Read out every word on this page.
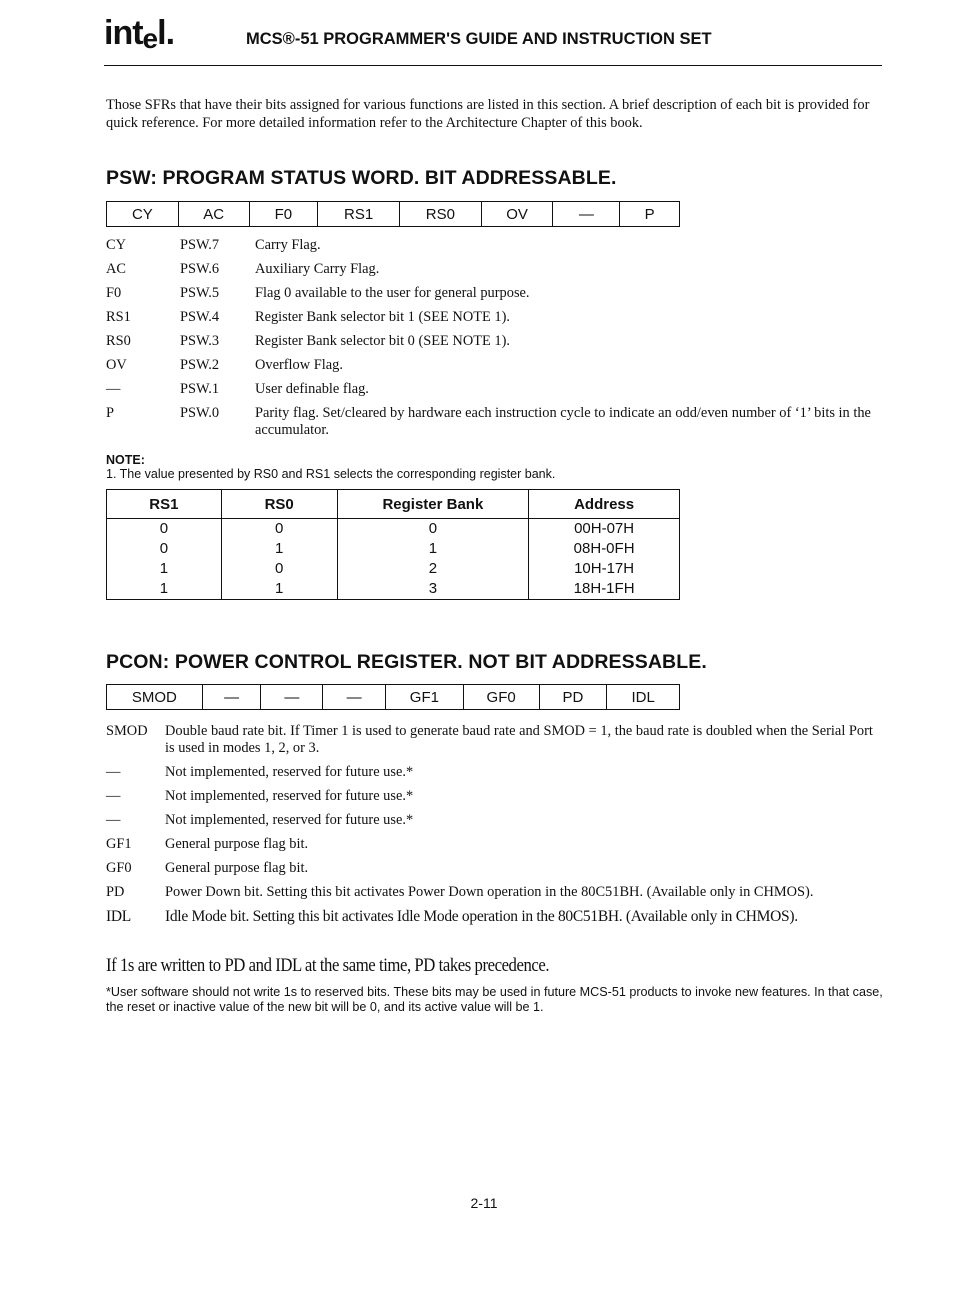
intel.	MCS®-51 PROGRAMMER'S GUIDE AND INSTRUCTION SET
Those SFRs that have their bits assigned for various functions are listed in this section. A brief description of each bit is provided for quick reference. For more detailed information refer to the Architecture Chapter of this book.
PSW: PROGRAM STATUS WORD. BIT ADDRESSABLE.
CY	AC	F0	RS1	RS0	OV	—	P
CY	PSW.7 Carry Flag.
AC	PSW.6 Auxiliary Carry Flag.
F0	PSW.5 Flag 0 available to the user for general purpose.
RS1	PSW.4 Register Bank selector bit 1 (SEE NOTE 1).
RS0	PSW.3 Register Bank selector bit 0 (SEE NOTE 1).
OV	PSW.2 Overflow Flag.
—	PSW.1 User definable flag.
P	PSW.0 Parity flag. Set/cleared by hardware each instruction cycle to indicate an odd/even number of ‘1’ bits in the accumulator.
NOTE:
1. The value presented by RS0 and RS1 selects the corresponding register bank.
RS1	RS0	Register Bank	Address
0	0	0	00H-07H
0	1	1	08H-0FH
1	0	2	10H-17H
1	1	3	18H-1FH
PCON: POWER CONTROL REGISTER. NOT BIT ADDRESSABLE.
SMOD	—	—	—	GF1	GF0	PD	IDL
SMOD Double baud rate bit. If Timer 1 is used to generate baud rate and SMOD = 1, the baud rate is doubled when the Serial Port is used in modes 1, 2, or 3.
—	Not implemented, reserved for future use.*
—	Not implemented, reserved for future use.*
—	Not implemented, reserved for future use.*
GF1 General purpose flag bit.
GF0 General purpose flag bit.
PD	Power Down bit. Setting this bit activates Power Down operation in the 80C51BH. (Available only in CHMOS).
IDL Idle Mode bit. Setting this bit activates Idle Mode operation in the 80C51BH. (Available only in CHMOS).
If 1s are written to PD and IDL at the same time, PD takes precedence.
*User software should not write 1s to reserved bits. These bits may be used in future MCS-51 products to invoke new features. In that case, the reset or inactive value of the new bit will be 0, and its active value will be 1.
2-11
